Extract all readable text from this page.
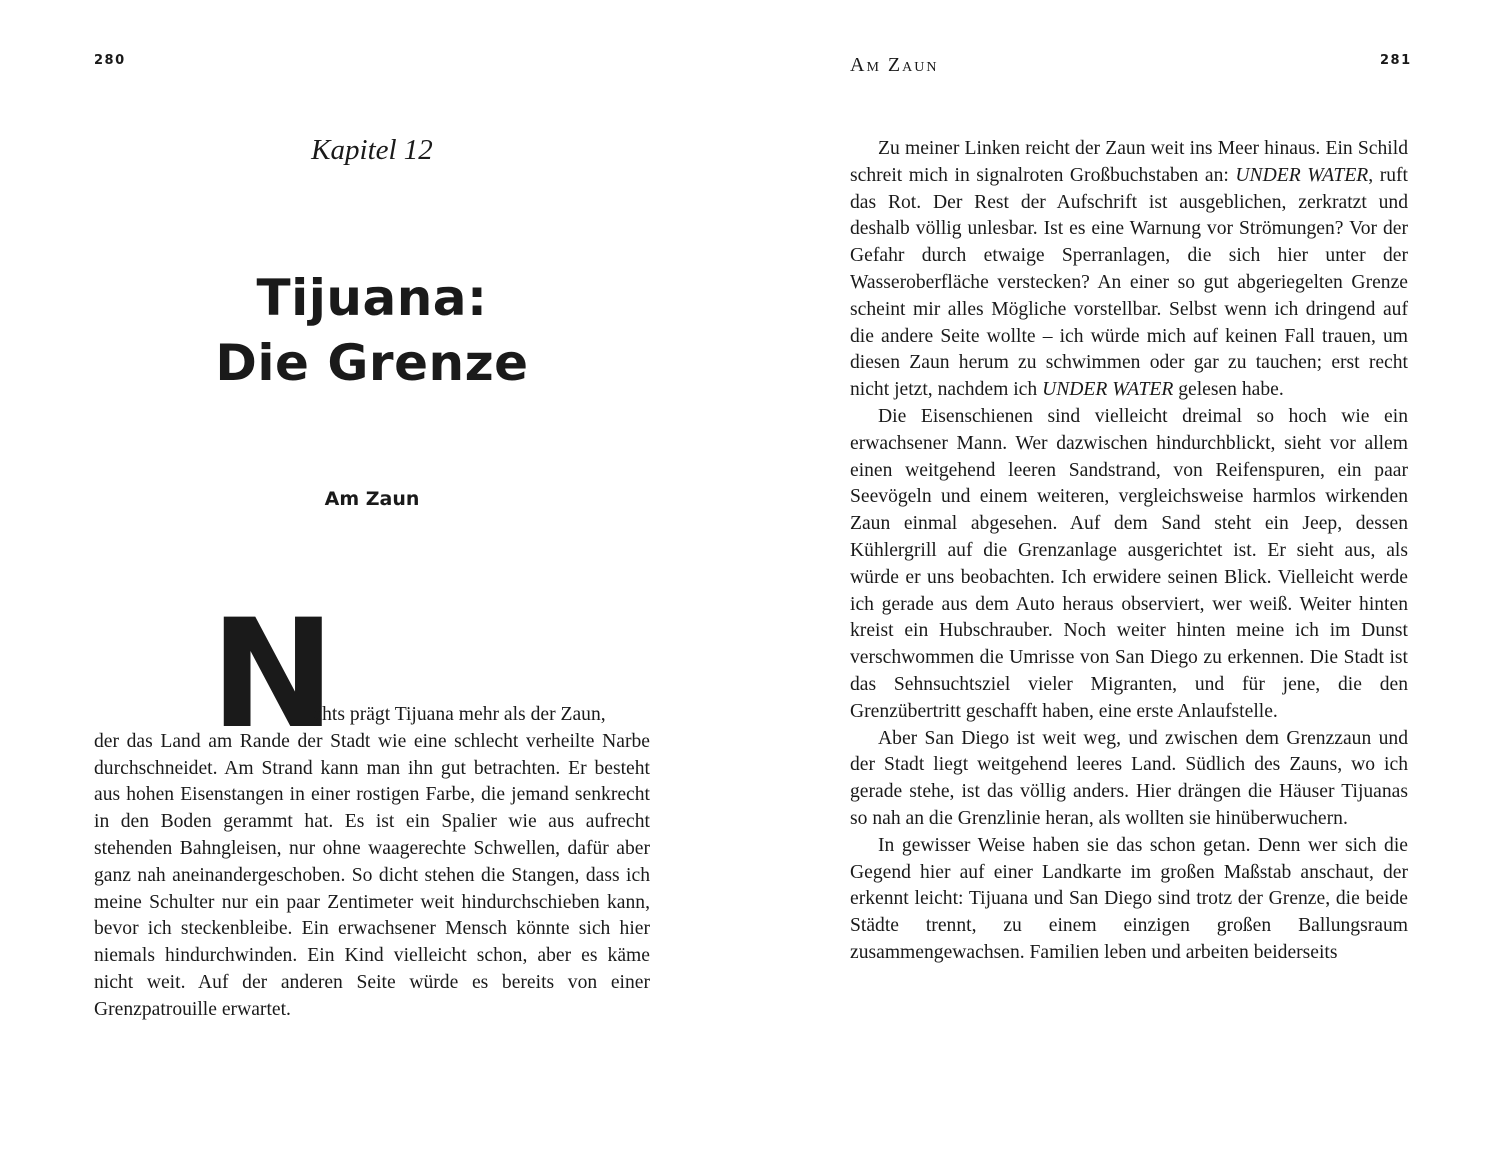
280
Kapitel 12
Tijuana:
Die Grenze
Am Zaun
N

ichts prägt Tijuana mehr als der Zaun,
der das Land am Rande der Stadt wie eine schlecht verheilte Narbe durchschneidet. Am Strand kann man ihn gut betrachten. Er besteht aus hohen Eisenstangen in einer rostigen Farbe, die jemand senkrecht in den Boden gerammt hat. Es ist ein Spalier wie aus aufrecht stehenden Bahngleisen, nur ohne waagerechte Schwellen, dafür aber ganz nah aneinandergeschoben. So dicht stehen die Stangen, dass ich meine Schulter nur ein paar Zentimeter weit hindurchschieben kann, bevor ich steckenbleibe. Ein erwachsener Mensch könnte sich hier niemals hindurchwinden. Ein Kind vielleicht schon, aber es käme nicht weit. Auf der anderen Seite würde es bereits von einer Grenzpatrouille erwartet.

Am Zaun	281

Zu meiner Linken reicht der Zaun weit ins Meer hinaus. Ein Schild schreit mich in signalroten Großbuchstaben an: UNDER WATER, ruft das Rot. Der Rest der Aufschrift ist ausgeblichen, zerkratzt und deshalb völlig unlesbar. Ist es eine Warnung vor Strömungen? Vor der Gefahr durch etwaige Sperranlagen, die sich hier unter der Wasseroberfläche verstecken? An einer so gut abgeriegelten Grenze scheint mir alles Mögliche vorstellbar. Selbst wenn ich dringend auf die andere Seite wollte – ich würde mich auf keinen Fall trauen, um diesen Zaun herum zu schwimmen oder gar zu tauchen; erst recht nicht jetzt, nachdem ich UNDER WATER gelesen habe.

Die Eisenschienen sind vielleicht dreimal so hoch wie ein erwachsener Mann. Wer dazwischen hindurchblickt, sieht vor allem einen weitgehend leeren Sandstrand, von Reifenspuren, ein paar Seevögeln und einem weiteren, vergleichsweise harmlos wirkenden Zaun einmal abgesehen. Auf dem Sand steht ein Jeep, dessen Kühlergrill auf die Grenzanlage ausgerichtet ist. Er sieht aus, als würde er uns beobachten. Ich erwidere seinen Blick. Vielleicht werde ich gerade aus dem Auto heraus observiert, wer weiß. Weiter hinten kreist ein Hubschrauber. Noch weiter hinten meine ich im Dunst verschwommen die Umrisse von San Diego zu erkennen. Die Stadt ist das Sehnsuchtsziel vieler Migranten, und für jene, die den Grenzübertritt geschafft haben, eine erste Anlaufstelle.

Aber San Diego ist weit weg, und zwischen dem Grenzzaun und der Stadt liegt weitgehend leeres Land. Südlich des Zauns, wo ich gerade stehe, ist das völlig anders. Hier drängen die Häuser Tijuanas so nah an die Grenzlinie heran, als wollten sie hinüberwuchern.

In gewisser Weise haben sie das schon getan. Denn wer sich die Gegend hier auf einer Landkarte im großen Maßstab anschaut, der erkennt leicht: Tijuana und San Diego sind trotz der Grenze, die beide Städte trennt, zu einem einzigen großen Ballungsraum zusammengewachsen. Familien leben und arbeiten beiderseits
